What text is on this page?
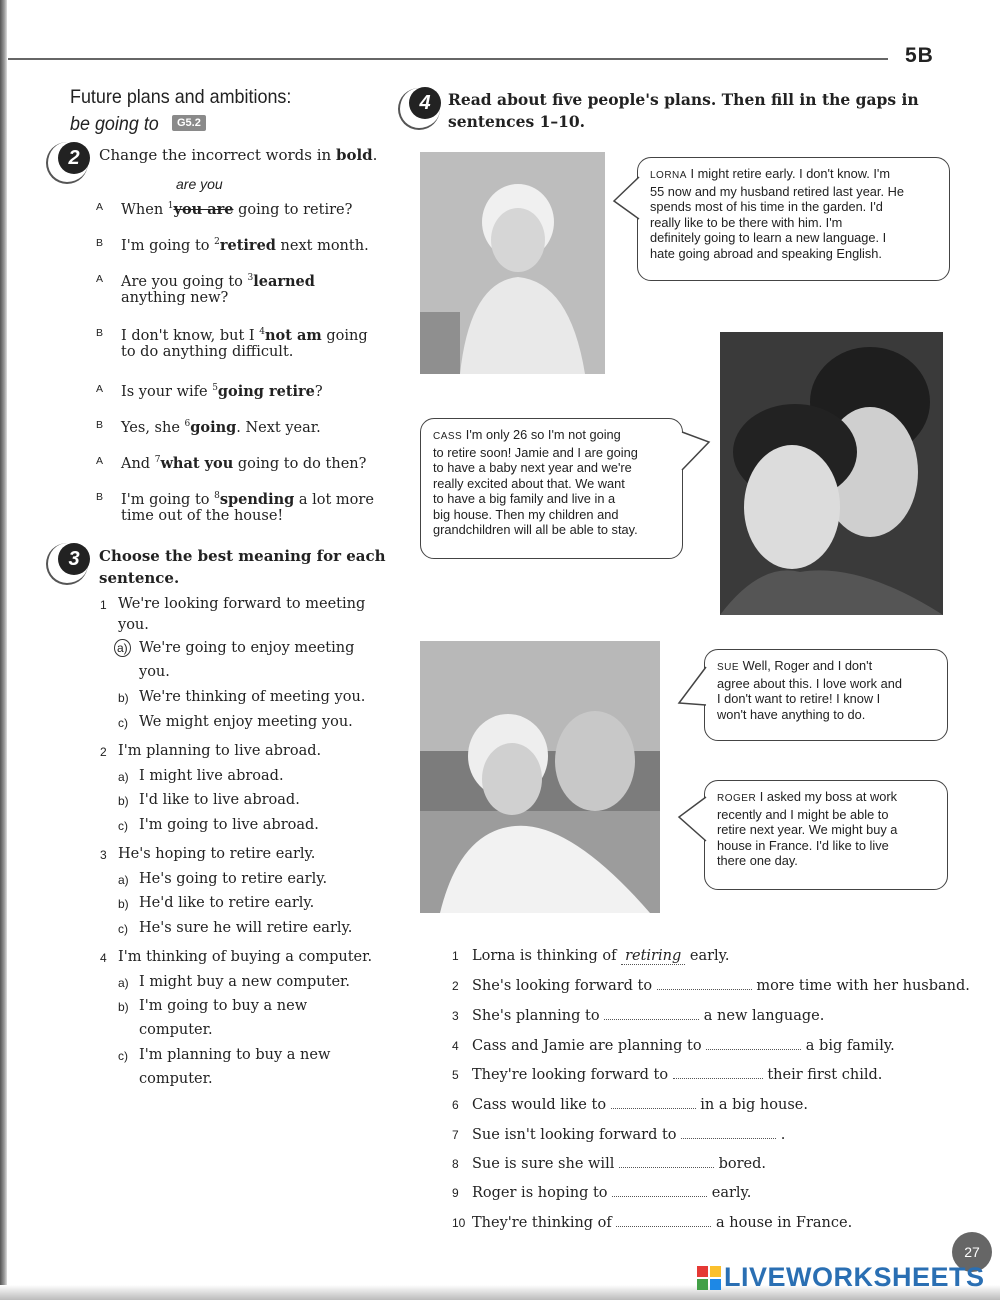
5B
Future plans and ambitions:
be going to	G5.2
2	Change the incorrect words in bold.
are you
A	When $^1$you are going to retire?
B	I'm going to $^2$retired next month.
A	Are you going to $^3$learned
anything new?
B	I don't know, but I $^4$not am going
to do anything difficult.
A	Is your wife $^5$going retire?
B	Yes, she $^6$going. Next year.
A	And $^7$what you going to do then?
B	I'm going to $^8$spending a lot more
time out of the house!
3	Choose the best meaning for each
sentence.
1 We're looking forward to meeting
you.
a) We're going to enjoy meeting
you.
b) We're thinking of meeting you.
c) We might enjoy meeting you.
2 I'm planning to live abroad.
a) I might live abroad.
b) I'd like to live abroad.
c) I'm going to live abroad.
3 He's hoping to retire early.
a) He's going to retire early.
b) He'd like to retire early.
c) He's sure he will retire early.
4 I'm thinking of buying a computer.
a) I might buy a new computer.
b) I'm going to buy a new
computer.
c) I'm planning to buy a new
computer.
4	Read about five people's plans. Then fill in the gaps in
sentences 1–10.
LORNA I might retire early. I don't know. I'm
55 now and my husband retired last year. He
spends most of his time in the garden. I'd
really like to be there with him. I'm
definitely going to learn a new language. I
hate going abroad and speaking English.
CASS I'm only 26 so I'm not going
to retire soon! Jamie and I are going
to have a baby next year and we're
really excited about that. We want
to have a big family and live in a
big house. Then my children and
grandchildren will all be able to stay.
SUE Well, Roger and I don't
agree about this. I love work and
I don't want to retire! I know I
won't have anything to do.
ROGER I asked my boss at work
recently and I might be able to
retire next year. We might buy a
house in France. I'd like to live
there one day.
1 Lorna is thinking of retiring early.
2 She's looking forward to	more time with her husband.
3 She's planning to	a new language.
4 Cass and Jamie are planning to	a big family.
5 They're looking forward to	their first child.
6 Cass would like to	in a big house.
7 Sue isn't looking forward to	.
8 Sue is sure she will	bored.
9 Roger is hoping to	early.
10 They're thinking of	a house in France.
27
LIVEWORKSHEETS
